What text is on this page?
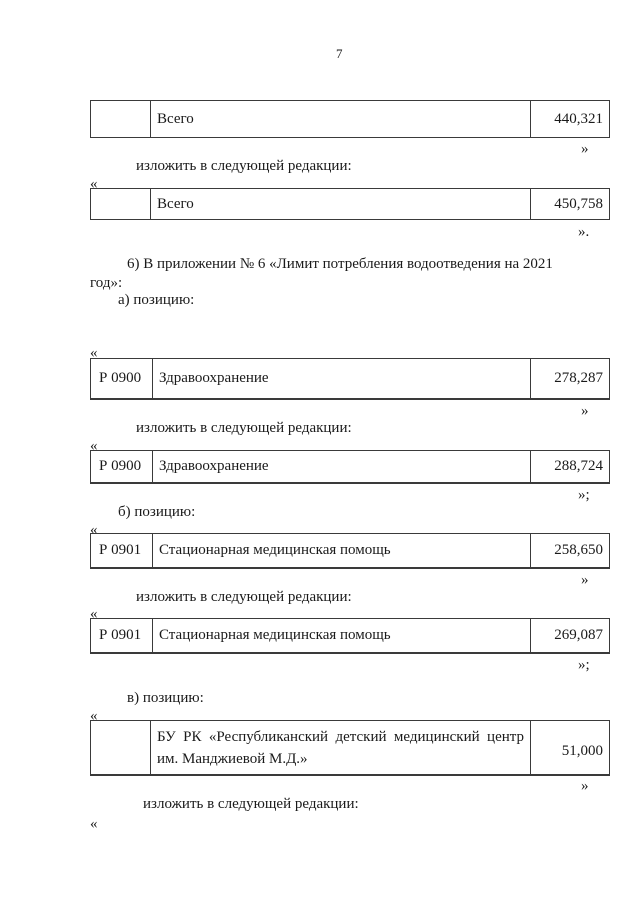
7
Всего	440,321
»
изложить в следующей редакции:
«
Всего	450,758
».
6) В приложении № 6 «Лимит потребления водоотведения на 2021
год»:
а) позицию:
«
Р 0900	Здравоохранение	278,287
»
изложить в следующей редакции:
«
Р 0900	Здравоохранение	288,724
»;
б) позицию:
«
Р 0901	Стационарная медицинская помощь	258,650
»
изложить в следующей редакции:
«
Р 0901	Стационарная медицинская помощь	269,087
»;
в) позицию:
«
БУ РК «Республиканский детский медицинский центр
им. Манджиевой М.Д.»	51,000
»
изложить в следующей редакции:
«
